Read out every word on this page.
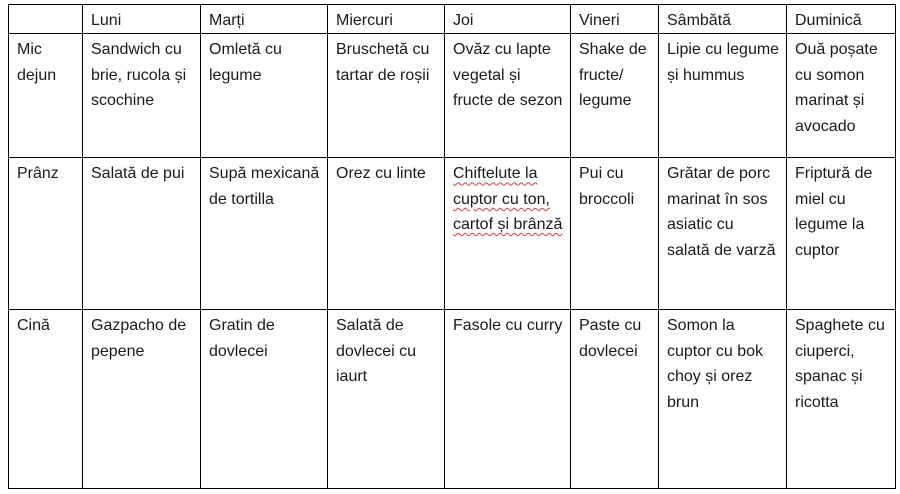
	Luni	Marți	Miercuri	Joi	Vineri	Sâmbătă	Duminică
Mic dejun	Sandwich cu brie, rucola și scochine	Omletă cu legume	Bruschetă cu tartar de roșii	Ovăz cu lapte vegetal și fructe de sezon	Shake de fructe/ legume	Lipie cu legume și hummus	Ouă poșate cu somon marinat și avocado
Prânz	Salată de pui	Supă mexicană de tortilla	Orez cu linte	Chiftelute la cuptor cu ton, cartof și brânză	Pui cu broccoli	Grătar de porc marinat în sos asiatic cu salată de varză	Friptură de miel cu legume la cuptor
Cină	Gazpacho de pepene	Gratin de dovlecei	Salată de dovlecei cu iaurt	Fasole cu curry	Paste cu dovlecei	Somon la cuptor cu bok choy și orez brun	Spaghete cu ciuperci, spanac și ricotta
